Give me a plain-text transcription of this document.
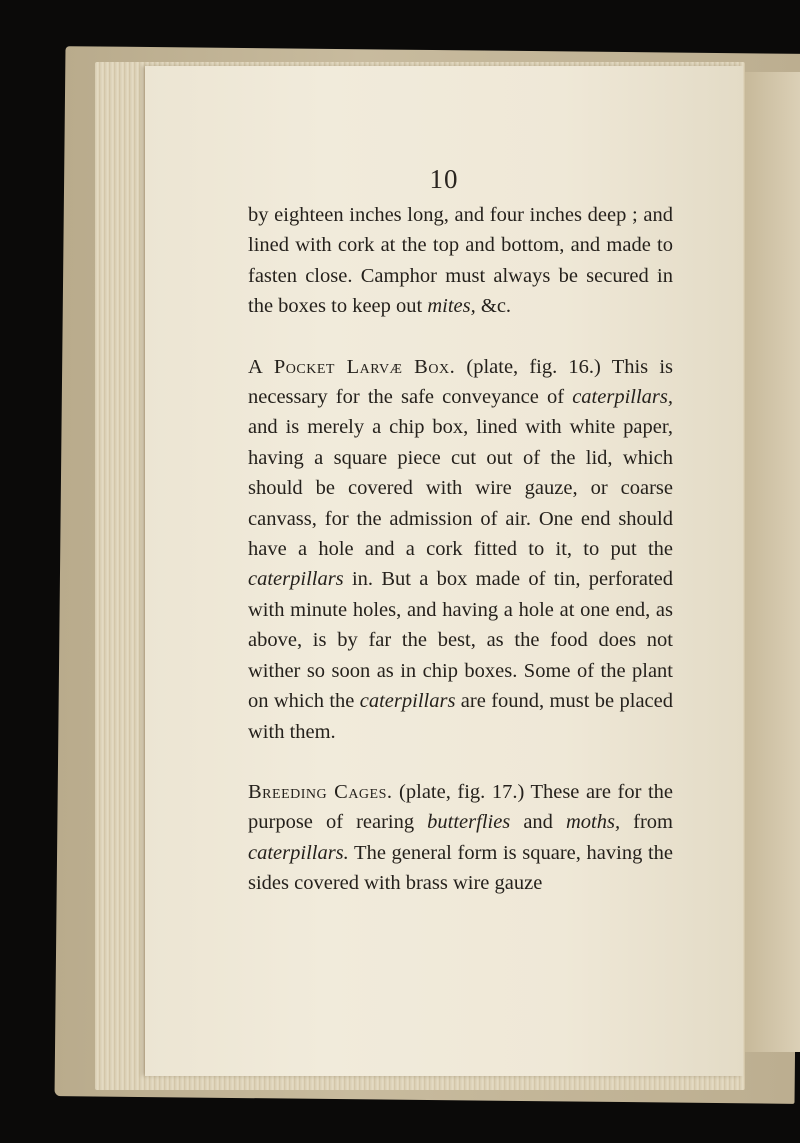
10

by eighteen inches long, and four inches deep ; and lined with cork at the top and bottom, and made to fasten close. Camphor must always be secured in the boxes to keep out mites, &c.

A Pocket Larvæ Box. (plate, fig. 16.) This is necessary for the safe conveyance of caterpillars, and is merely a chip box, lined with white paper, having a square piece cut out of the lid, which should be covered with wire gauze, or coarse canvass, for the admission of air. One end should have a hole and a cork fitted to it, to put the caterpillars in. But a box made of tin, perforated with minute holes, and having a hole at one end, as above, is by far the best, as the food does not wither so soon as in chip boxes. Some of the plant on which the caterpillars are found, must be placed with them.

Breeding Cages. (plate, fig. 17.) These are for the purpose of rearing butterflies and moths, from caterpillars. The general form is square, having the sides covered with brass wire gauze
